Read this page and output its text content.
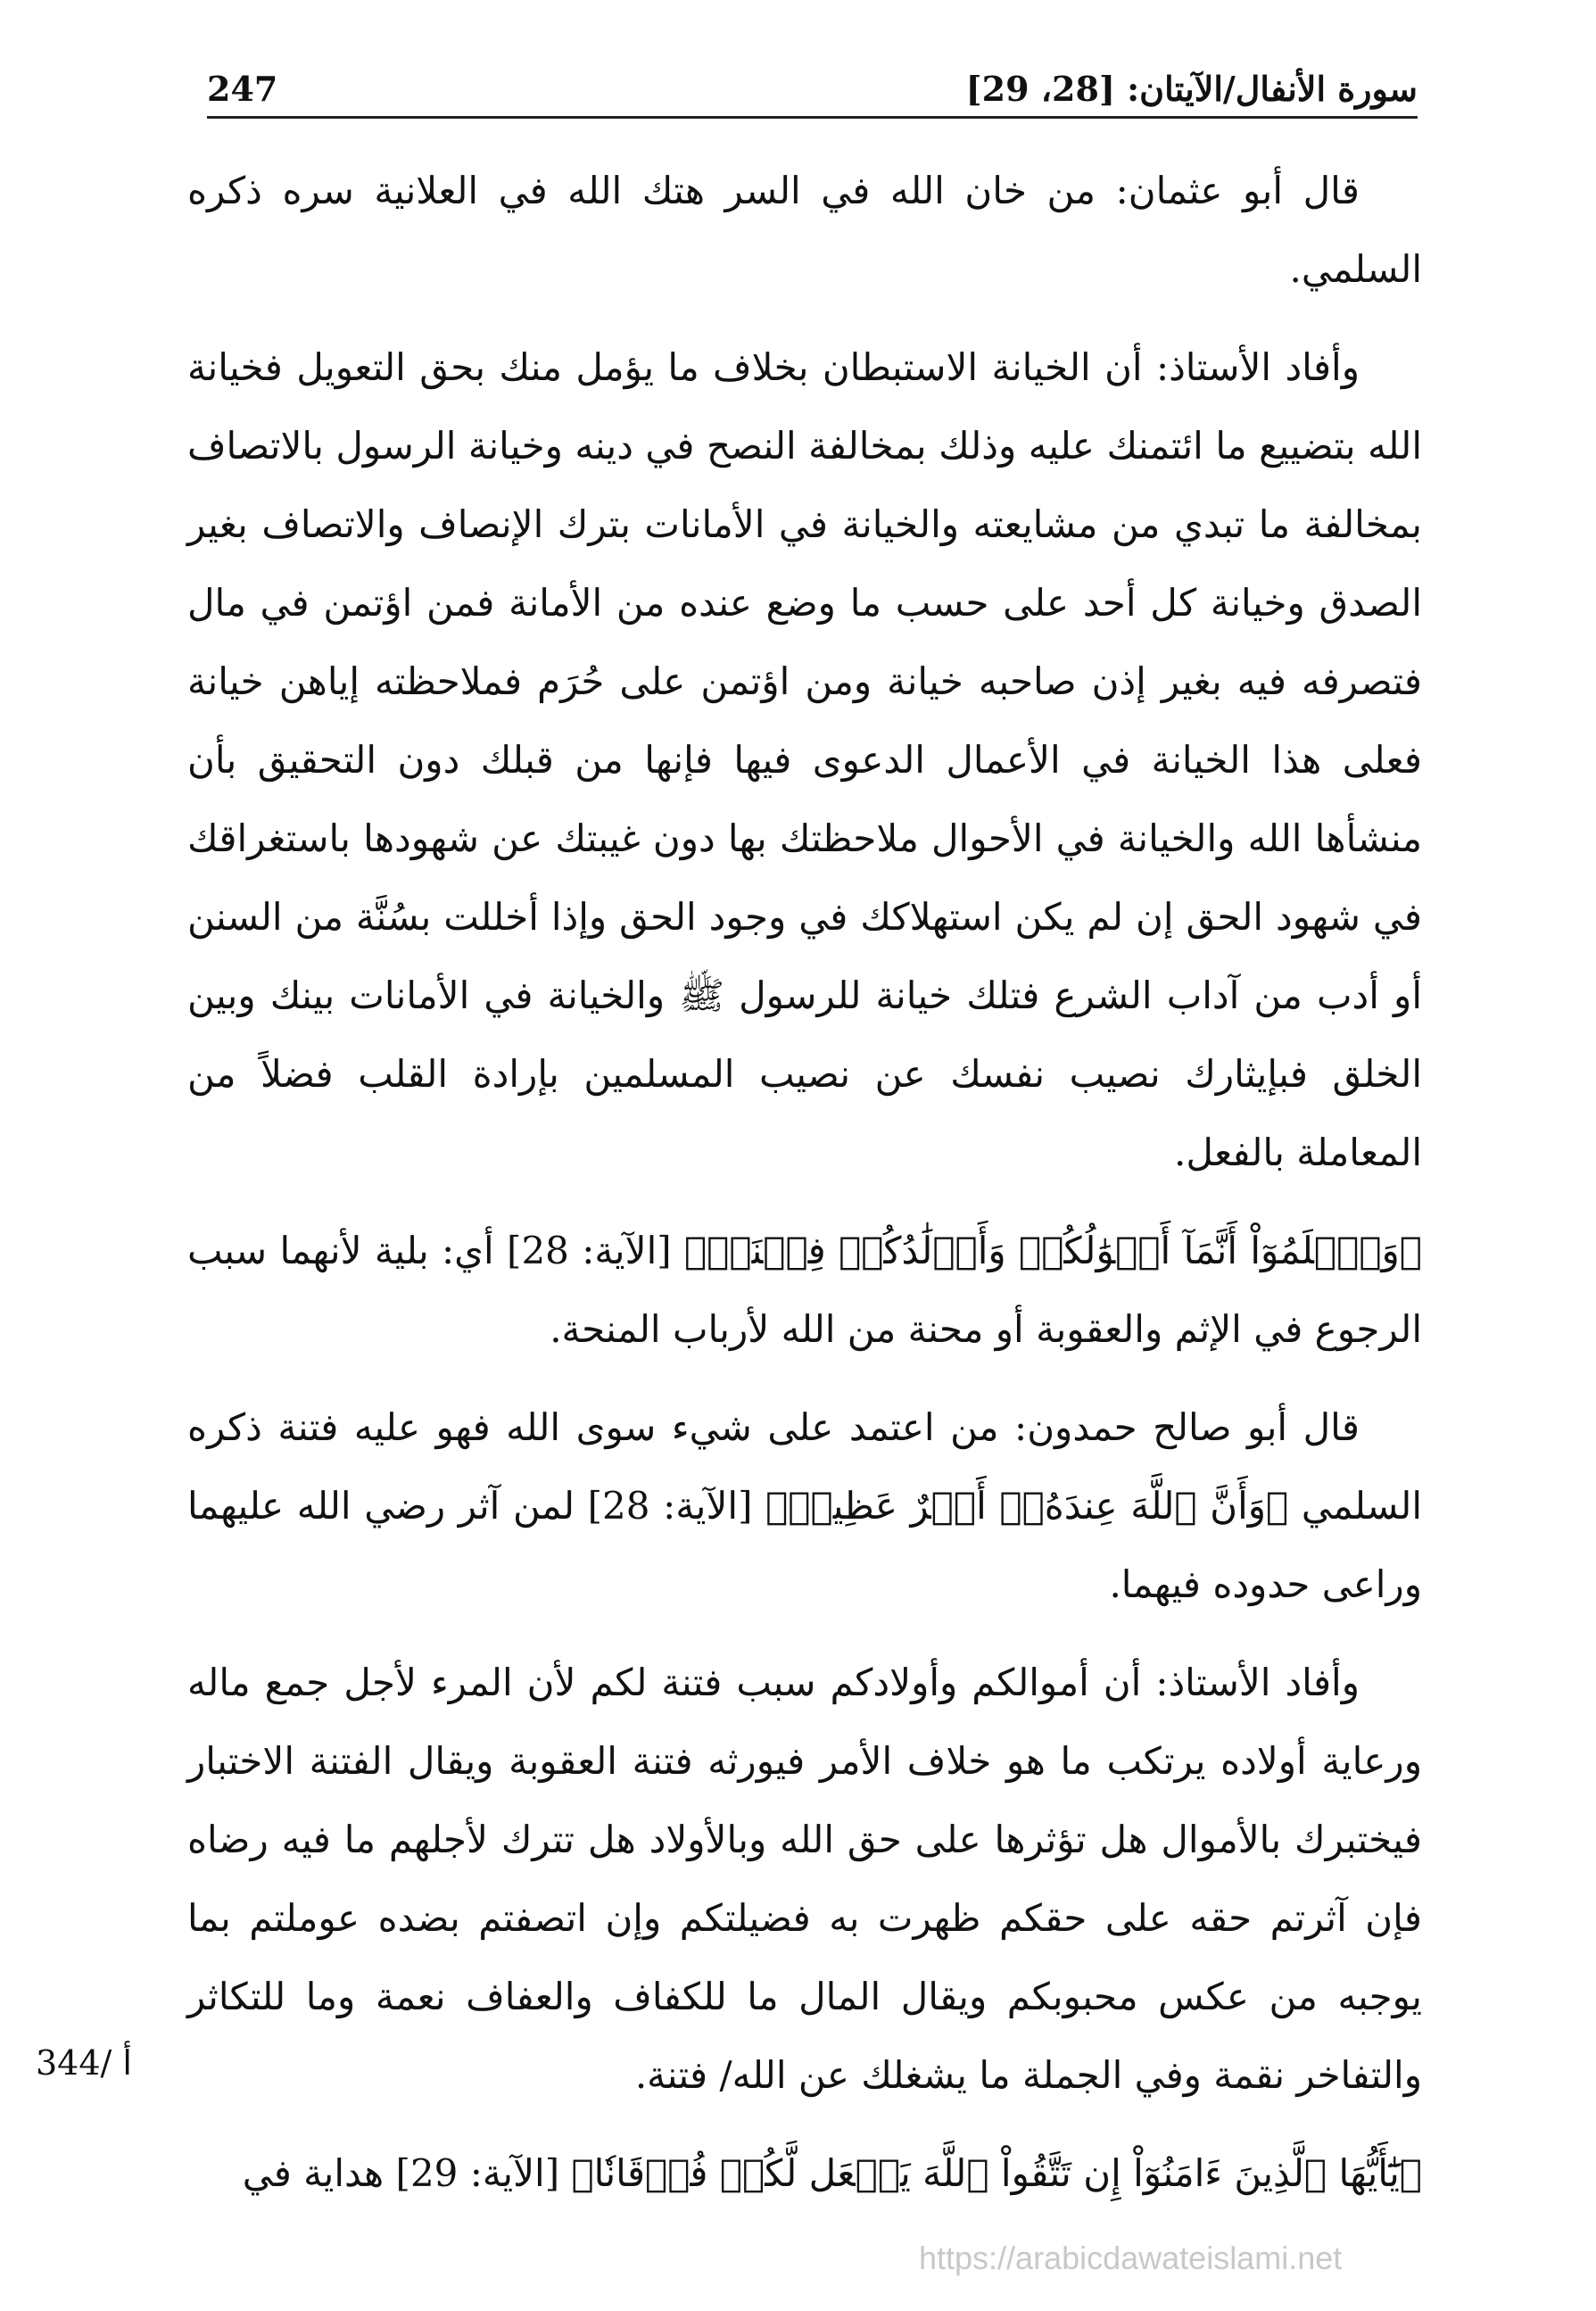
سورة الأنفال/الآيتان: [28، 29]
247

قال أبو عثمان: من خان الله في السر هتك الله في العلانية سره ذكره السلمي.

وأفاد الأستاذ: أن الخيانة الاستبطان بخلاف ما يؤمل منك بحق التعويل فخيانة الله بتضييع ما ائتمنك عليه وذلك بمخالفة النصح في دينه وخيانة الرسول بالاتصاف بمخالفة ما تبدي من مشايعته والخيانة في الأمانات بترك الإنصاف والاتصاف بغير الصدق وخيانة كل أحد على حسب ما وضع عنده من الأمانة فمن اؤتمن في مال فتصرفه فيه بغير إذن صاحبه خيانة ومن اؤتمن على حُرَم فملاحظته إياهن خيانة فعلى هذا الخيانة في الأعمال الدعوى فيها فإنها من قبلك دون التحقيق بأن منشأها الله والخيانة في الأحوال ملاحظتك بها دون غيبتك عن شهودها باستغراقك في شهود الحق إن لم يكن استهلاكك في وجود الحق وإذا أخللت بسُنَّة من السنن أو أدب من آداب الشرع فتلك خيانة للرسول ﷺ والخيانة في الأمانات بينك وبين الخلق فبإيثارك نصيب نفسك عن نصيب المسلمين بإرادة القلب فضلاً من المعاملة بالفعل.

﴿وَٱعۡلَمُوٓاْ أَنَّمَآ أَمۡوَٰلُكُمۡ وَأَوۡلَٰدُكُمۡ فِتۡنَةٞ﴾ [الآية: 28] أي: بلية لأنهما سبب الرجوع في الإثم والعقوبة أو محنة من الله لأرباب المنحة.

قال أبو صالح حمدون: من اعتمد على شيء سوى الله فهو عليه فتنة ذكره السلمي ﴿وَأَنَّ ٱللَّهَ عِندَهُۥٓ أَجۡرٌ عَظِيمٞ﴾ [الآية: 28] لمن آثر رضي الله عليهما وراعى حدوده فيهما.

وأفاد الأستاذ: أن أموالكم وأولادكم سبب فتنة لكم لأن المرء لأجل جمع ماله ورعاية أولاده يرتكب ما هو خلاف الأمر فيورثه فتنة العقوبة ويقال الفتنة الاختبار فيختبرك بالأموال هل تؤثرها على حق الله وبالأولاد هل تترك لأجلهم ما فيه رضاه فإن آثرتم حقه على حقكم ظهرت به فضيلتكم وإن اتصفتم بضده عوملتم بما يوجبه من عكس محبوبكم ويقال المال ما للكفاف والعفاف نعمة وما للتكاثر والتفاخر نقمة وفي الجملة ما يشغلك عن الله/ فتنة.

﴿يَٰٓأَيُّهَا ٱلَّذِينَ ءَامَنُوٓاْ إِن تَتَّقُواْ ٱللَّهَ يَجۡعَل لَّكُمۡ فُرۡقَانٗا﴾ [الآية: 29] هداية في

344/ أ
https://arabicdawateislami.net
